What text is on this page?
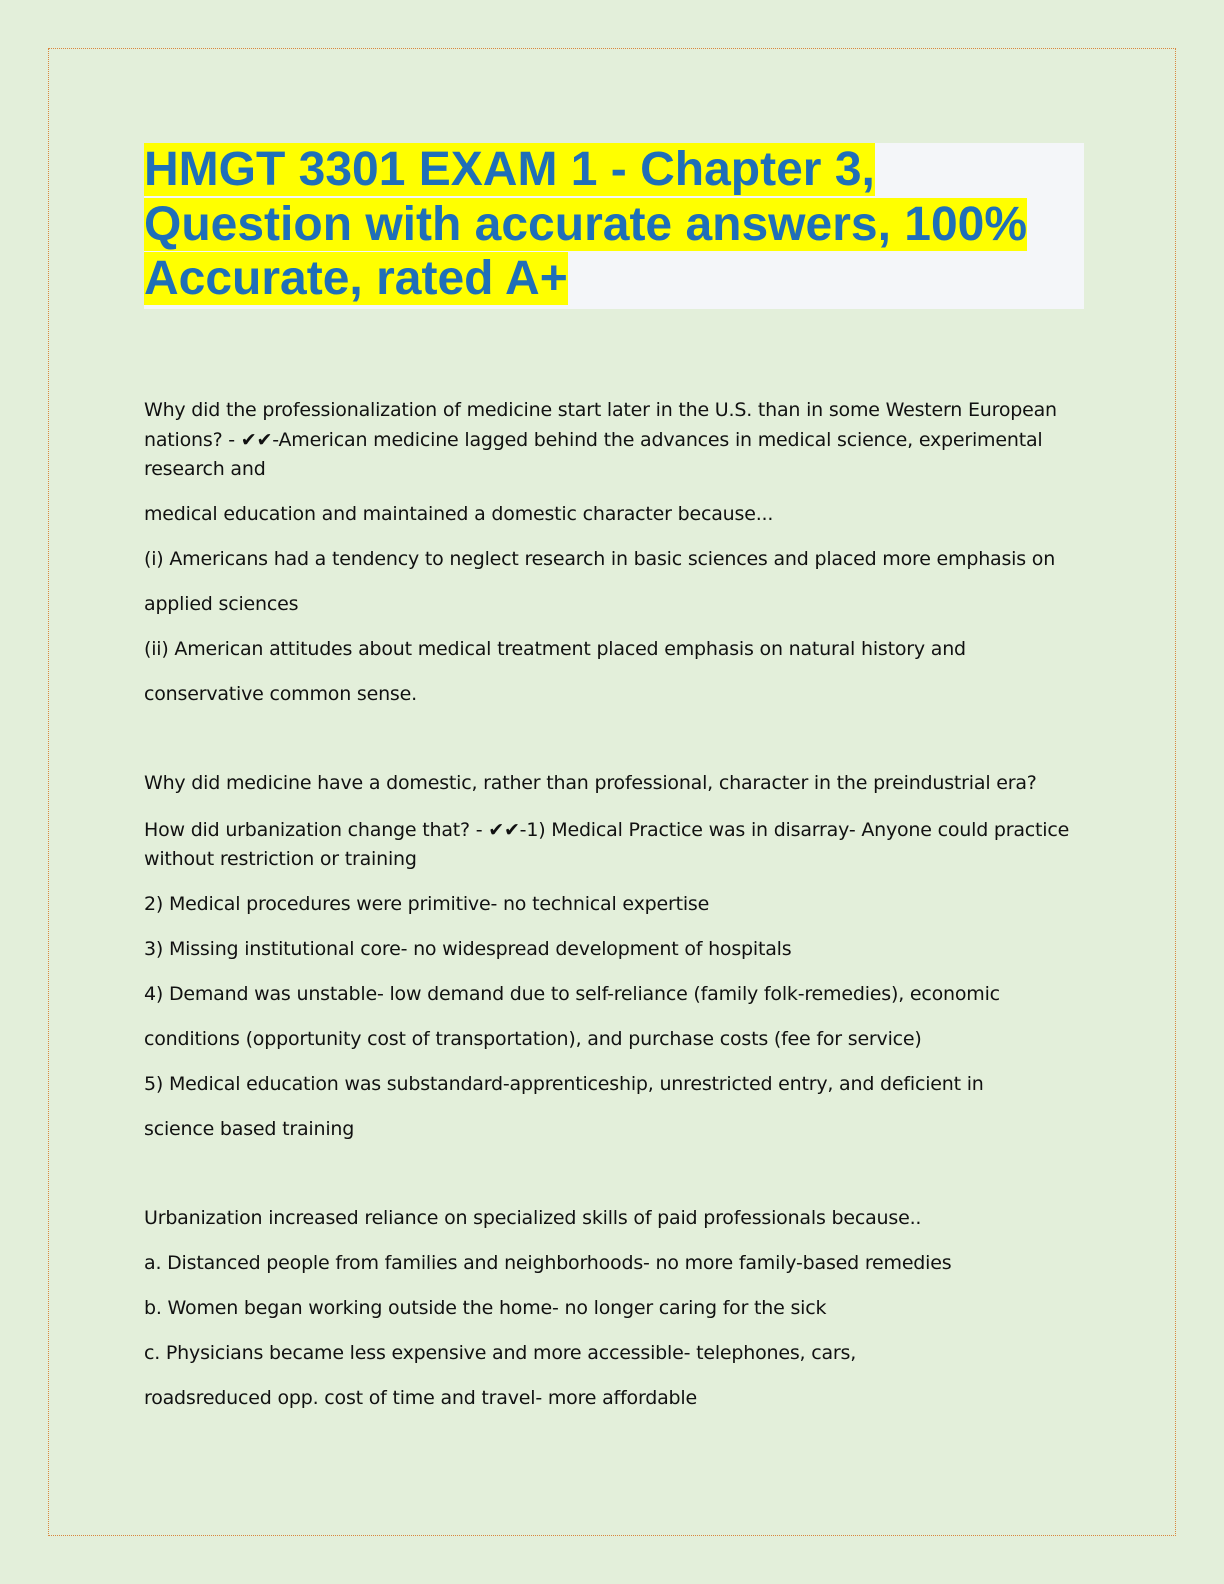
HMGT 3301 EXAM 1 - Chapter 3,
Question with accurate answers, 100%
Accurate, rated A+
Why did the professionalization of medicine start later in the U.S. than in some Western European
nations? - ✔✔-American medicine lagged behind the advances in medical science, experimental
research and
medical education and maintained a domestic character because...
(i) Americans had a tendency to neglect research in basic sciences and placed more emphasis on
applied sciences
(ii) American attitudes about medical treatment placed emphasis on natural history and
conservative common sense.
Why did medicine have a domestic, rather than professional, character in the preindustrial era?
How did urbanization change that? - ✔✔-1) Medical Practice was in disarray- Anyone could practice
without restriction or training
2) Medical procedures were primitive- no technical expertise
3) Missing institutional core- no widespread development of hospitals
4) Demand was unstable- low demand due to self-reliance (family folk-remedies), economic
conditions (opportunity cost of transportation), and purchase costs (fee for service)
5) Medical education was substandard-apprenticeship, unrestricted entry, and deficient in
science based training
Urbanization increased reliance on specialized skills of paid professionals because..
a. Distanced people from families and neighborhoods- no more family-based remedies
b. Women began working outside the home- no longer caring for the sick
c. Physicians became less expensive and more accessible- telephones, cars,
roadsreduced opp. cost of time and travel- more affordable
